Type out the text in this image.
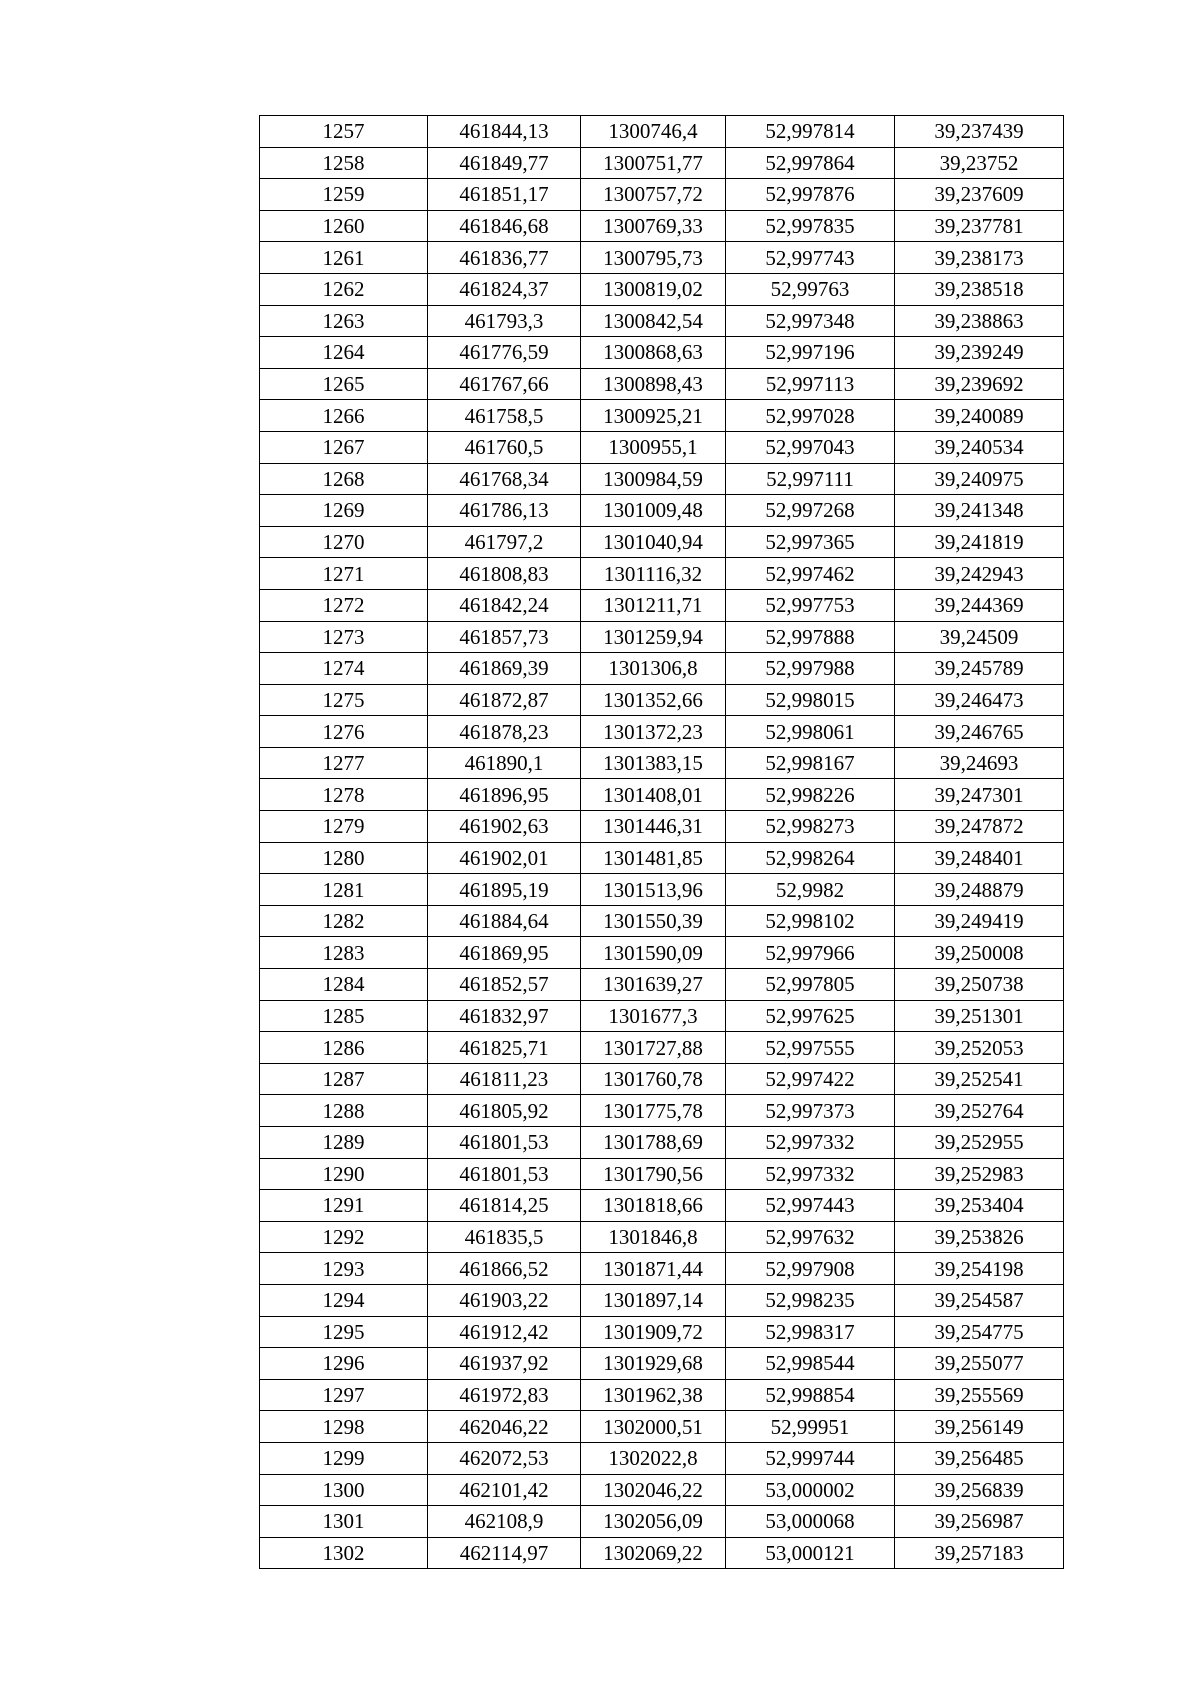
1257	461844,13	1300746,4	52,997814	39,237439
1258	461849,77	1300751,77	52,997864	39,23752
1259	461851,17	1300757,72	52,997876	39,237609
1260	461846,68	1300769,33	52,997835	39,237781
1261	461836,77	1300795,73	52,997743	39,238173
1262	461824,37	1300819,02	52,99763	39,238518
1263	461793,3	1300842,54	52,997348	39,238863
1264	461776,59	1300868,63	52,997196	39,239249
1265	461767,66	1300898,43	52,997113	39,239692
1266	461758,5	1300925,21	52,997028	39,240089
1267	461760,5	1300955,1	52,997043	39,240534
1268	461768,34	1300984,59	52,997111	39,240975
1269	461786,13	1301009,48	52,997268	39,241348
1270	461797,2	1301040,94	52,997365	39,241819
1271	461808,83	1301116,32	52,997462	39,242943
1272	461842,24	1301211,71	52,997753	39,244369
1273	461857,73	1301259,94	52,997888	39,24509
1274	461869,39	1301306,8	52,997988	39,245789
1275	461872,87	1301352,66	52,998015	39,246473
1276	461878,23	1301372,23	52,998061	39,246765
1277	461890,1	1301383,15	52,998167	39,24693
1278	461896,95	1301408,01	52,998226	39,247301
1279	461902,63	1301446,31	52,998273	39,247872
1280	461902,01	1301481,85	52,998264	39,248401
1281	461895,19	1301513,96	52,9982	39,248879
1282	461884,64	1301550,39	52,998102	39,249419
1283	461869,95	1301590,09	52,997966	39,250008
1284	461852,57	1301639,27	52,997805	39,250738
1285	461832,97	1301677,3	52,997625	39,251301
1286	461825,71	1301727,88	52,997555	39,252053
1287	461811,23	1301760,78	52,997422	39,252541
1288	461805,92	1301775,78	52,997373	39,252764
1289	461801,53	1301788,69	52,997332	39,252955
1290	461801,53	1301790,56	52,997332	39,252983
1291	461814,25	1301818,66	52,997443	39,253404
1292	461835,5	1301846,8	52,997632	39,253826
1293	461866,52	1301871,44	52,997908	39,254198
1294	461903,22	1301897,14	52,998235	39,254587
1295	461912,42	1301909,72	52,998317	39,254775
1296	461937,92	1301929,68	52,998544	39,255077
1297	461972,83	1301962,38	52,998854	39,255569
1298	462046,22	1302000,51	52,99951	39,256149
1299	462072,53	1302022,8	52,999744	39,256485
1300	462101,42	1302046,22	53,000002	39,256839
1301	462108,9	1302056,09	53,000068	39,256987
1302	462114,97	1302069,22	53,000121	39,257183
